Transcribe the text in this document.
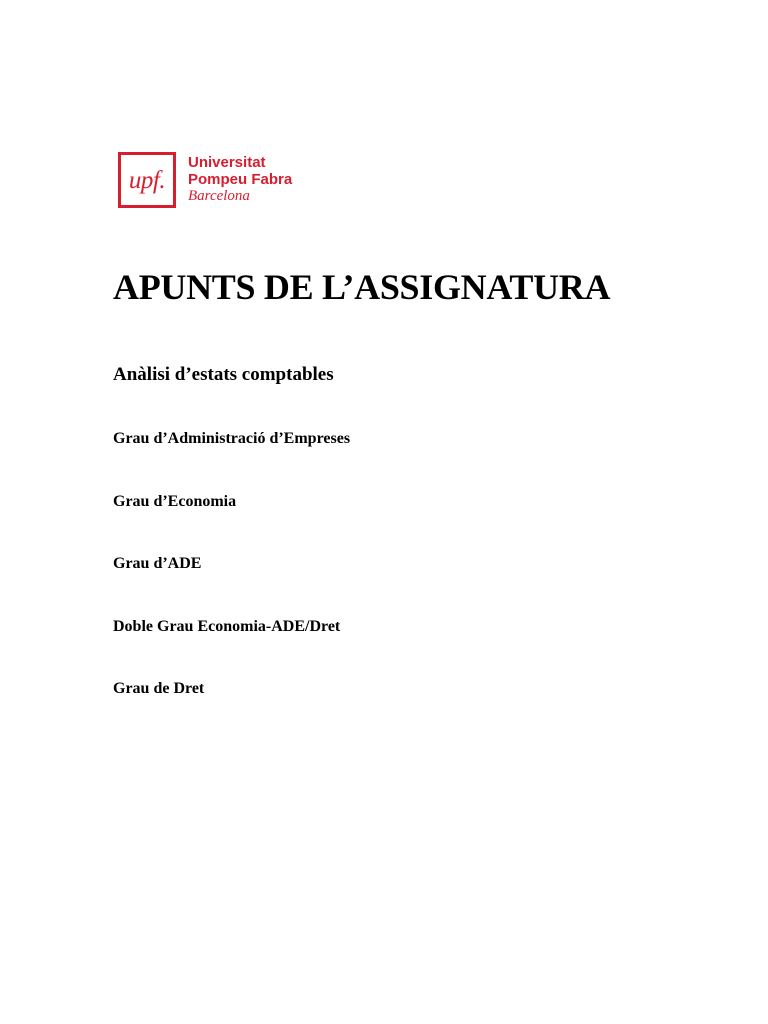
upf.
Universitat
Pompeu Fabra
Barcelona
APUNTS DE L’ASSIGNATURA
Anàlisi d’estats comptables

Grau d’Administració d’Empreses

Grau d’Economia

Grau d’ADE

Doble Grau Economia-ADE/Dret

Grau de Dret
